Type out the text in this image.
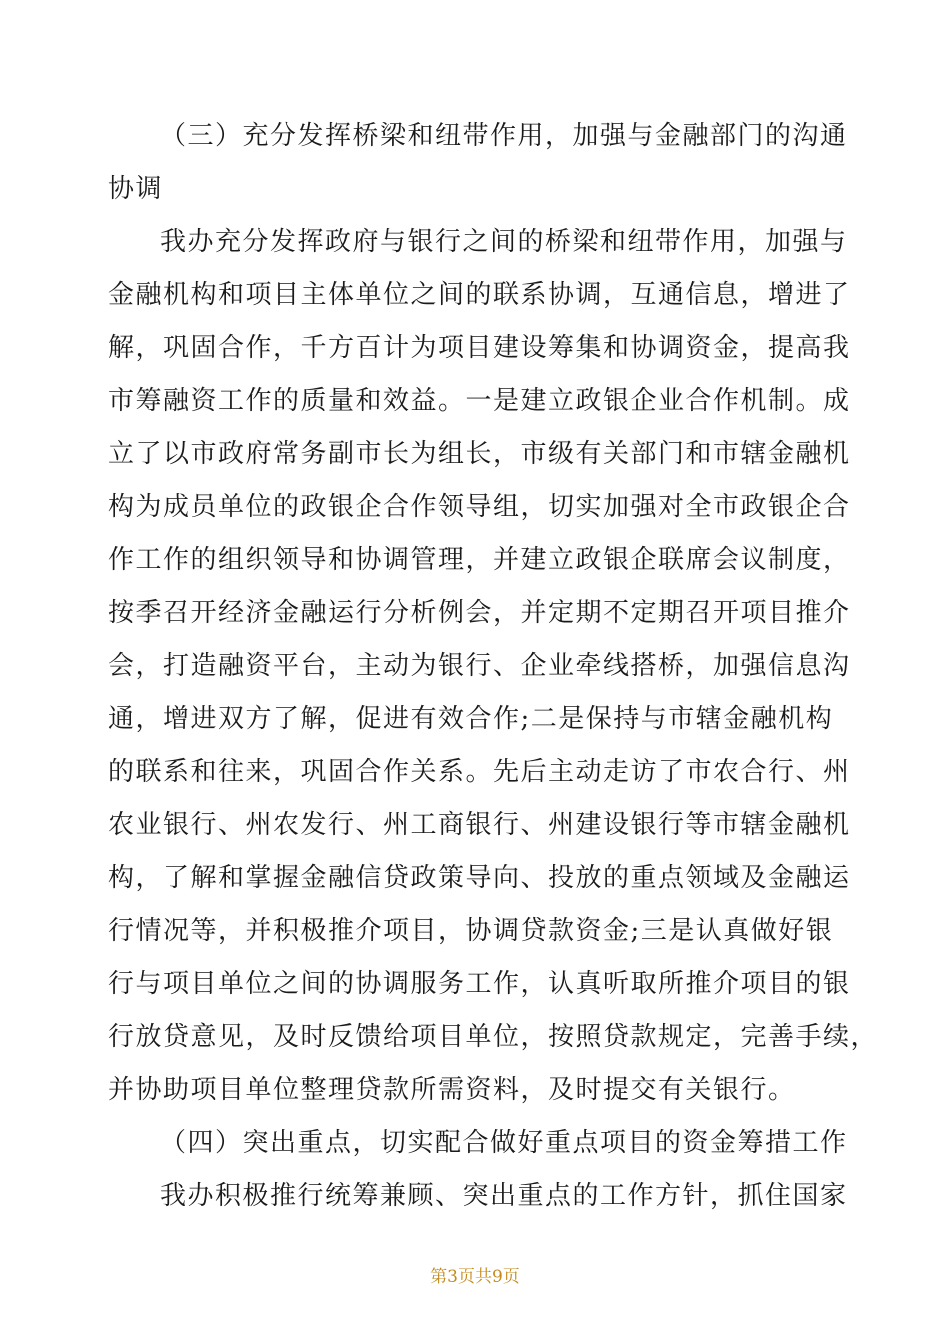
（三）充分发挥桥梁和纽带作用，加强与金融部门的沟通
协调
我办充分发挥政府与银行之间的桥梁和纽带作用，加强与
金融机构和项目主体单位之间的联系协调，互通信息，增进了
解，巩固合作，千方百计为项目建设筹集和协调资金，提高我
市筹融资工作的质量和效益。一是建立政银企业合作机制。成
立了以市政府常务副市长为组长，市级有关部门和市辖金融机
构为成员单位的政银企合作领导组，切实加强对全市政银企合
作工作的组织领导和协调管理，并建立政银企联席会议制度，
按季召开经济金融运行分析例会，并定期不定期召开项目推介
会，打造融资平台，主动为银行、企业牵线搭桥，加强信息沟
通，增进双方了解，促进有效合作;二是保持与市辖金融机构
的联系和往来，巩固合作关系。先后主动走访了市农合行、州
农业银行、州农发行、州工商银行、州建设银行等市辖金融机
构，了解和掌握金融信贷政策导向、投放的重点领域及金融运
行情况等，并积极推介项目，协调贷款资金;三是认真做好银
行与项目单位之间的协调服务工作，认真听取所推介项目的银
行放贷意见，及时反馈给项目单位，按照贷款规定，完善手续，
并协助项目单位整理贷款所需资料，及时提交有关银行。
（四）突出重点，切实配合做好重点项目的资金筹措工作
我办积极推行统筹兼顾、突出重点的工作方针，抓住国家
第3页共9页
